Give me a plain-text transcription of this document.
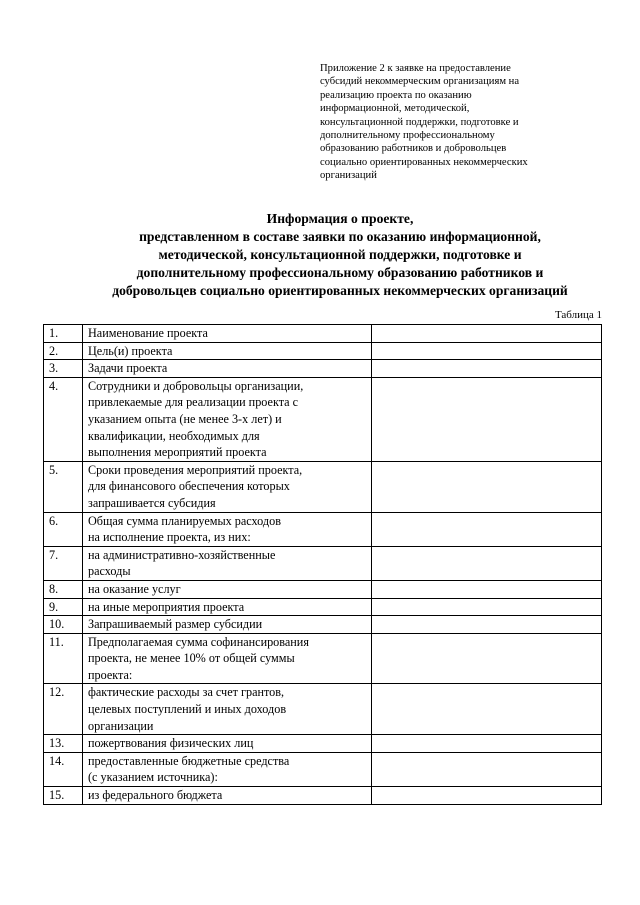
Приложение 2 к заявке на предоставление
субсидий некоммерческим организациям на
реализацию проекта по оказанию
информационной, методической,
консультационной поддержки, подготовке и
дополнительному профессиональному
образованию работников и добровольцев
социально ориентированных некоммерческих
организаций
Информация о проекте,
представленном в составе заявки по оказанию информационной,
методической, консультационной поддержки, подготовке и
дополнительному профессиональному образованию работников и
добровольцев социально ориентированных некоммерческих организаций
Таблица 1
1.	Наименование проекта	

2.	Цель(и) проекта	

3.	Задачи проекта	

4.	Сотрудники и добровольцы организации,
привлекаемые для реализации проекта с
указанием опыта (не менее 3-х лет) и
квалификации, необходимых для
выполнения мероприятий проекта	

5.	Сроки проведения мероприятий проекта,
для финансового обеспечения которых
запрашивается субсидия	

6.	Общая сумма планируемых расходов
на исполнение проекта, из них:	

7.	на административно-хозяйственные
расходы	

8.	на оказание услуг	

9.	на иные мероприятия проекта	

10.	Запрашиваемый размер субсидии	

11.	Предполагаемая сумма софинансирования
проекта, не менее 10% от общей суммы
проекта:	

12.	фактические расходы за счет грантов,
целевых поступлений и иных доходов
организации	

13.	пожертвования физических лиц	

14.	предоставленные бюджетные средства
(с указанием источника):	

15.	из федерального бюджета	
